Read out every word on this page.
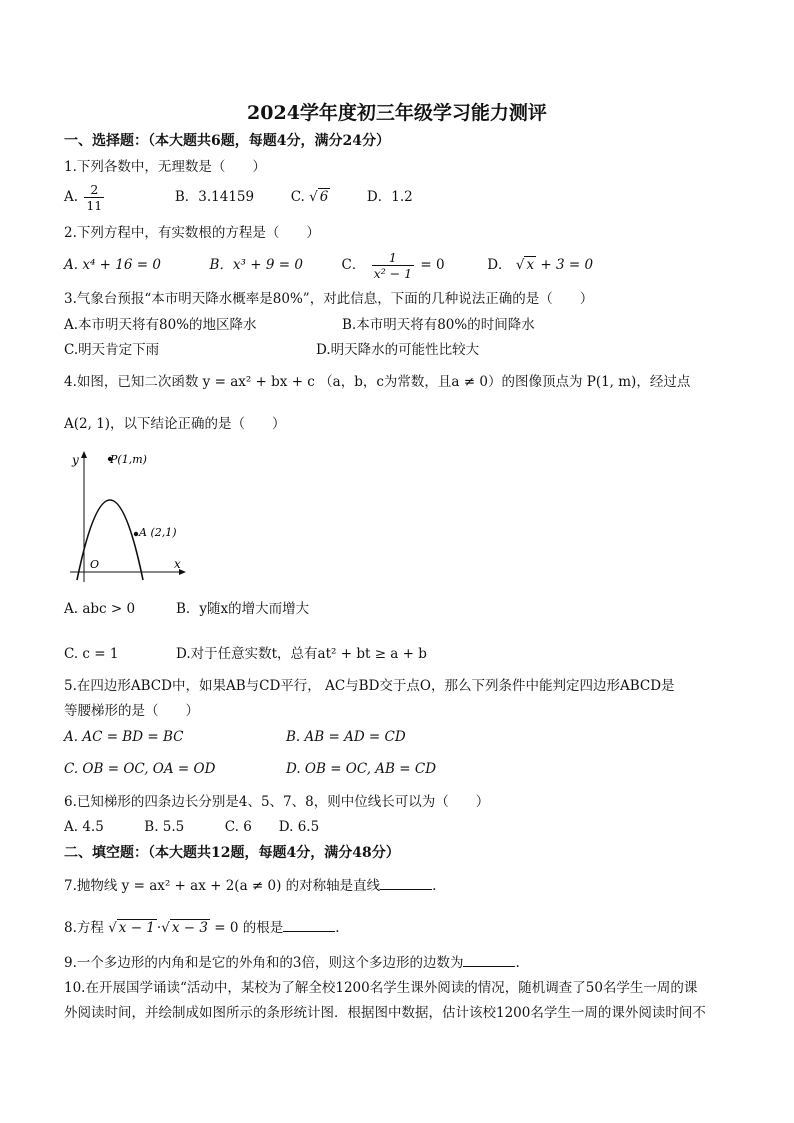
2024学年度初三年级学习能力测评
一、选择题：（本大题共6题，每题4分，满分24分）
1.下列各数中，无理数是（　　）
A. $\frac{2}{11}$	B．3.14159	C. √ 6	D．1.2
2.下列方程中，有实数根的方程是（　　）
A. x⁴ + 16 = 0	B．x³ + 9 = 0	C． $\frac{1}{\text{x² − 1}} = 0$	D． √ x + 3 = 0
3.气象台预报“本市明天降水概率是80%”，对此信息，下面的几种说法正确的是（　　）
A.本市明天将有80%的地区降水	B.本市明天将有80%的时间降水
C.明天肯定下雨	D.明天降水的可能性比较大
4.如图，已知二次函数 y = ax² + bx + c （a，b，c为常数，且a ≠ 0）的图像顶点为 P(1, m)，经过点
A(2, 1)，以下结论正确的是（　　）
y
x
O
P(1,m)
A (2,1)
A. abc > 0	B．y随x的增大而增大
C. c = 1	D.对于任意实数t，总有at² + bt ≥ a + b
5.在四边形ABCD中，如果AB与CD平行， AC与BD交于点O，那么下列条件中能判定四边形ABCD是
等腰梯形的是（　　）
A. AC = BD = BC	B. AB = AD = CD
C. OB = OC, OA = OD	D. OB = OC, AB = CD
6.已知梯形的四条边长分别是4、5、7、8，则中位线长可以为（　　）
A. 4.5　　　B. 5.5　　　C. 6　　D. 6.5
二、填空题：（本大题共12题，每题4分，满分48分）
7.抛物线 y = ax² + ax + 2(a ≠ 0) 的对称轴是直线	.
8.方程 √ x − 1 ·√ x − 3 = 0 的根是	.
9.一个多边形的内角和是它的外角和的3倍，则这个多边形的边数为	.
10.在开展国学诵读“活动中，某校为了解全校1200名学生课外阅读的情况，随机调查了50名学生一周的课
外阅读时间，并绘制成如图所示的条形统计图．根据图中数据，估计该校1200名学生一周的课外阅读时间不
